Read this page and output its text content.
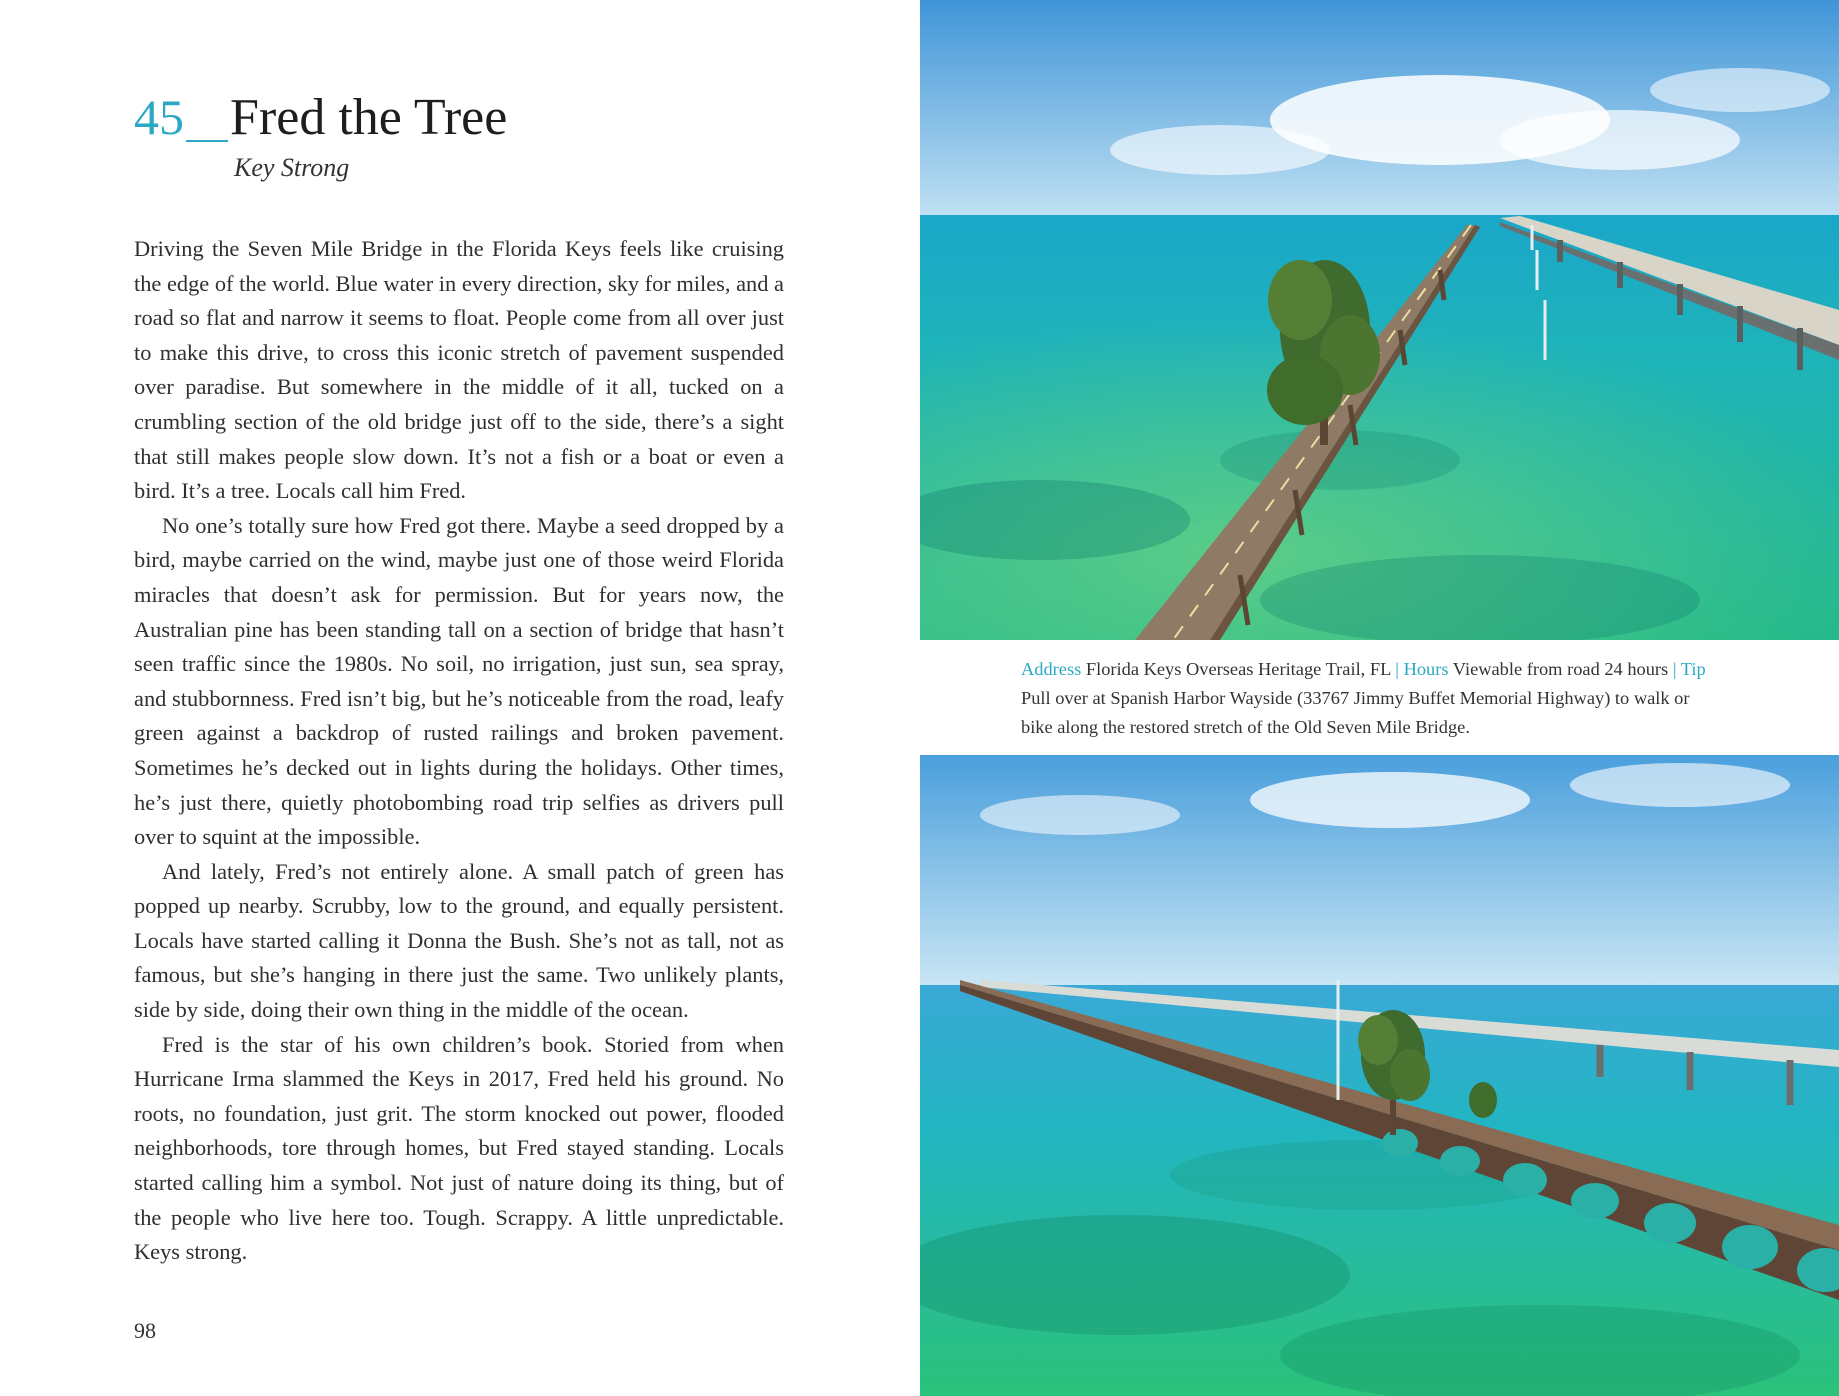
45 Fred the Tree
Key Strong

Driving the Seven Mile Bridge in the Florida Keys feels like cruising the edge of the world. Blue water in every direction, sky for miles, and a road so flat and narrow it seems to float. People come from all over just to make this drive, to cross this iconic stretch of pavement suspended over paradise. But somewhere in the middle of it all, tucked on a crumbling section of the old bridge just off to the side, there’s a sight that still makes people slow down. It’s not a fish or a boat or even a bird. It’s a tree. Locals call him Fred.

No one’s totally sure how Fred got there. Maybe a seed dropped by a bird, maybe carried on the wind, maybe just one of those weird Florida miracles that doesn’t ask for permission. But for years now, the Australian pine has been standing tall on a section of bridge that hasn’t seen traffic since the 1980s. No soil, no irrigation, just sun, sea spray, and stubbornness. Fred isn’t big, but he’s noticeable from the road, leafy green against a backdrop of rusted railings and broken pavement. Sometimes he’s decked out in lights during the holidays. Other times, he’s just there, quietly photobombing road trip selfies as drivers pull over to squint at the impossible.

And lately, Fred’s not entirely alone. A small patch of green has popped up nearby. Scrubby, low to the ground, and equally persistent. Locals have started calling it Donna the Bush. She’s not as tall, not as famous, but she’s hanging in there just the same. Two unlikely plants, side by side, doing their own thing in the middle of the ocean.

Fred is the star of his own children’s book. Storied from when Hurricane Irma slammed the Keys in 2017, Fred held his ground. No roots, no foundation, just grit. The storm knocked out power, flooded neighborhoods, tore through homes, but Fred stayed standing. Locals started calling him a symbol. Not just of nature doing its thing, but of the people who live here too. Tough. Scrappy. A little unpredictable. Keys strong.

98
Address Florida Keys Overseas Heritage Trail, FL | Hours Viewable from road 24 hours | Tip Pull over at Spanish Harbor Wayside (33767 Jimmy Buffet Memorial Highway) to walk or bike along the restored stretch of the Old Seven Mile Bridge.
